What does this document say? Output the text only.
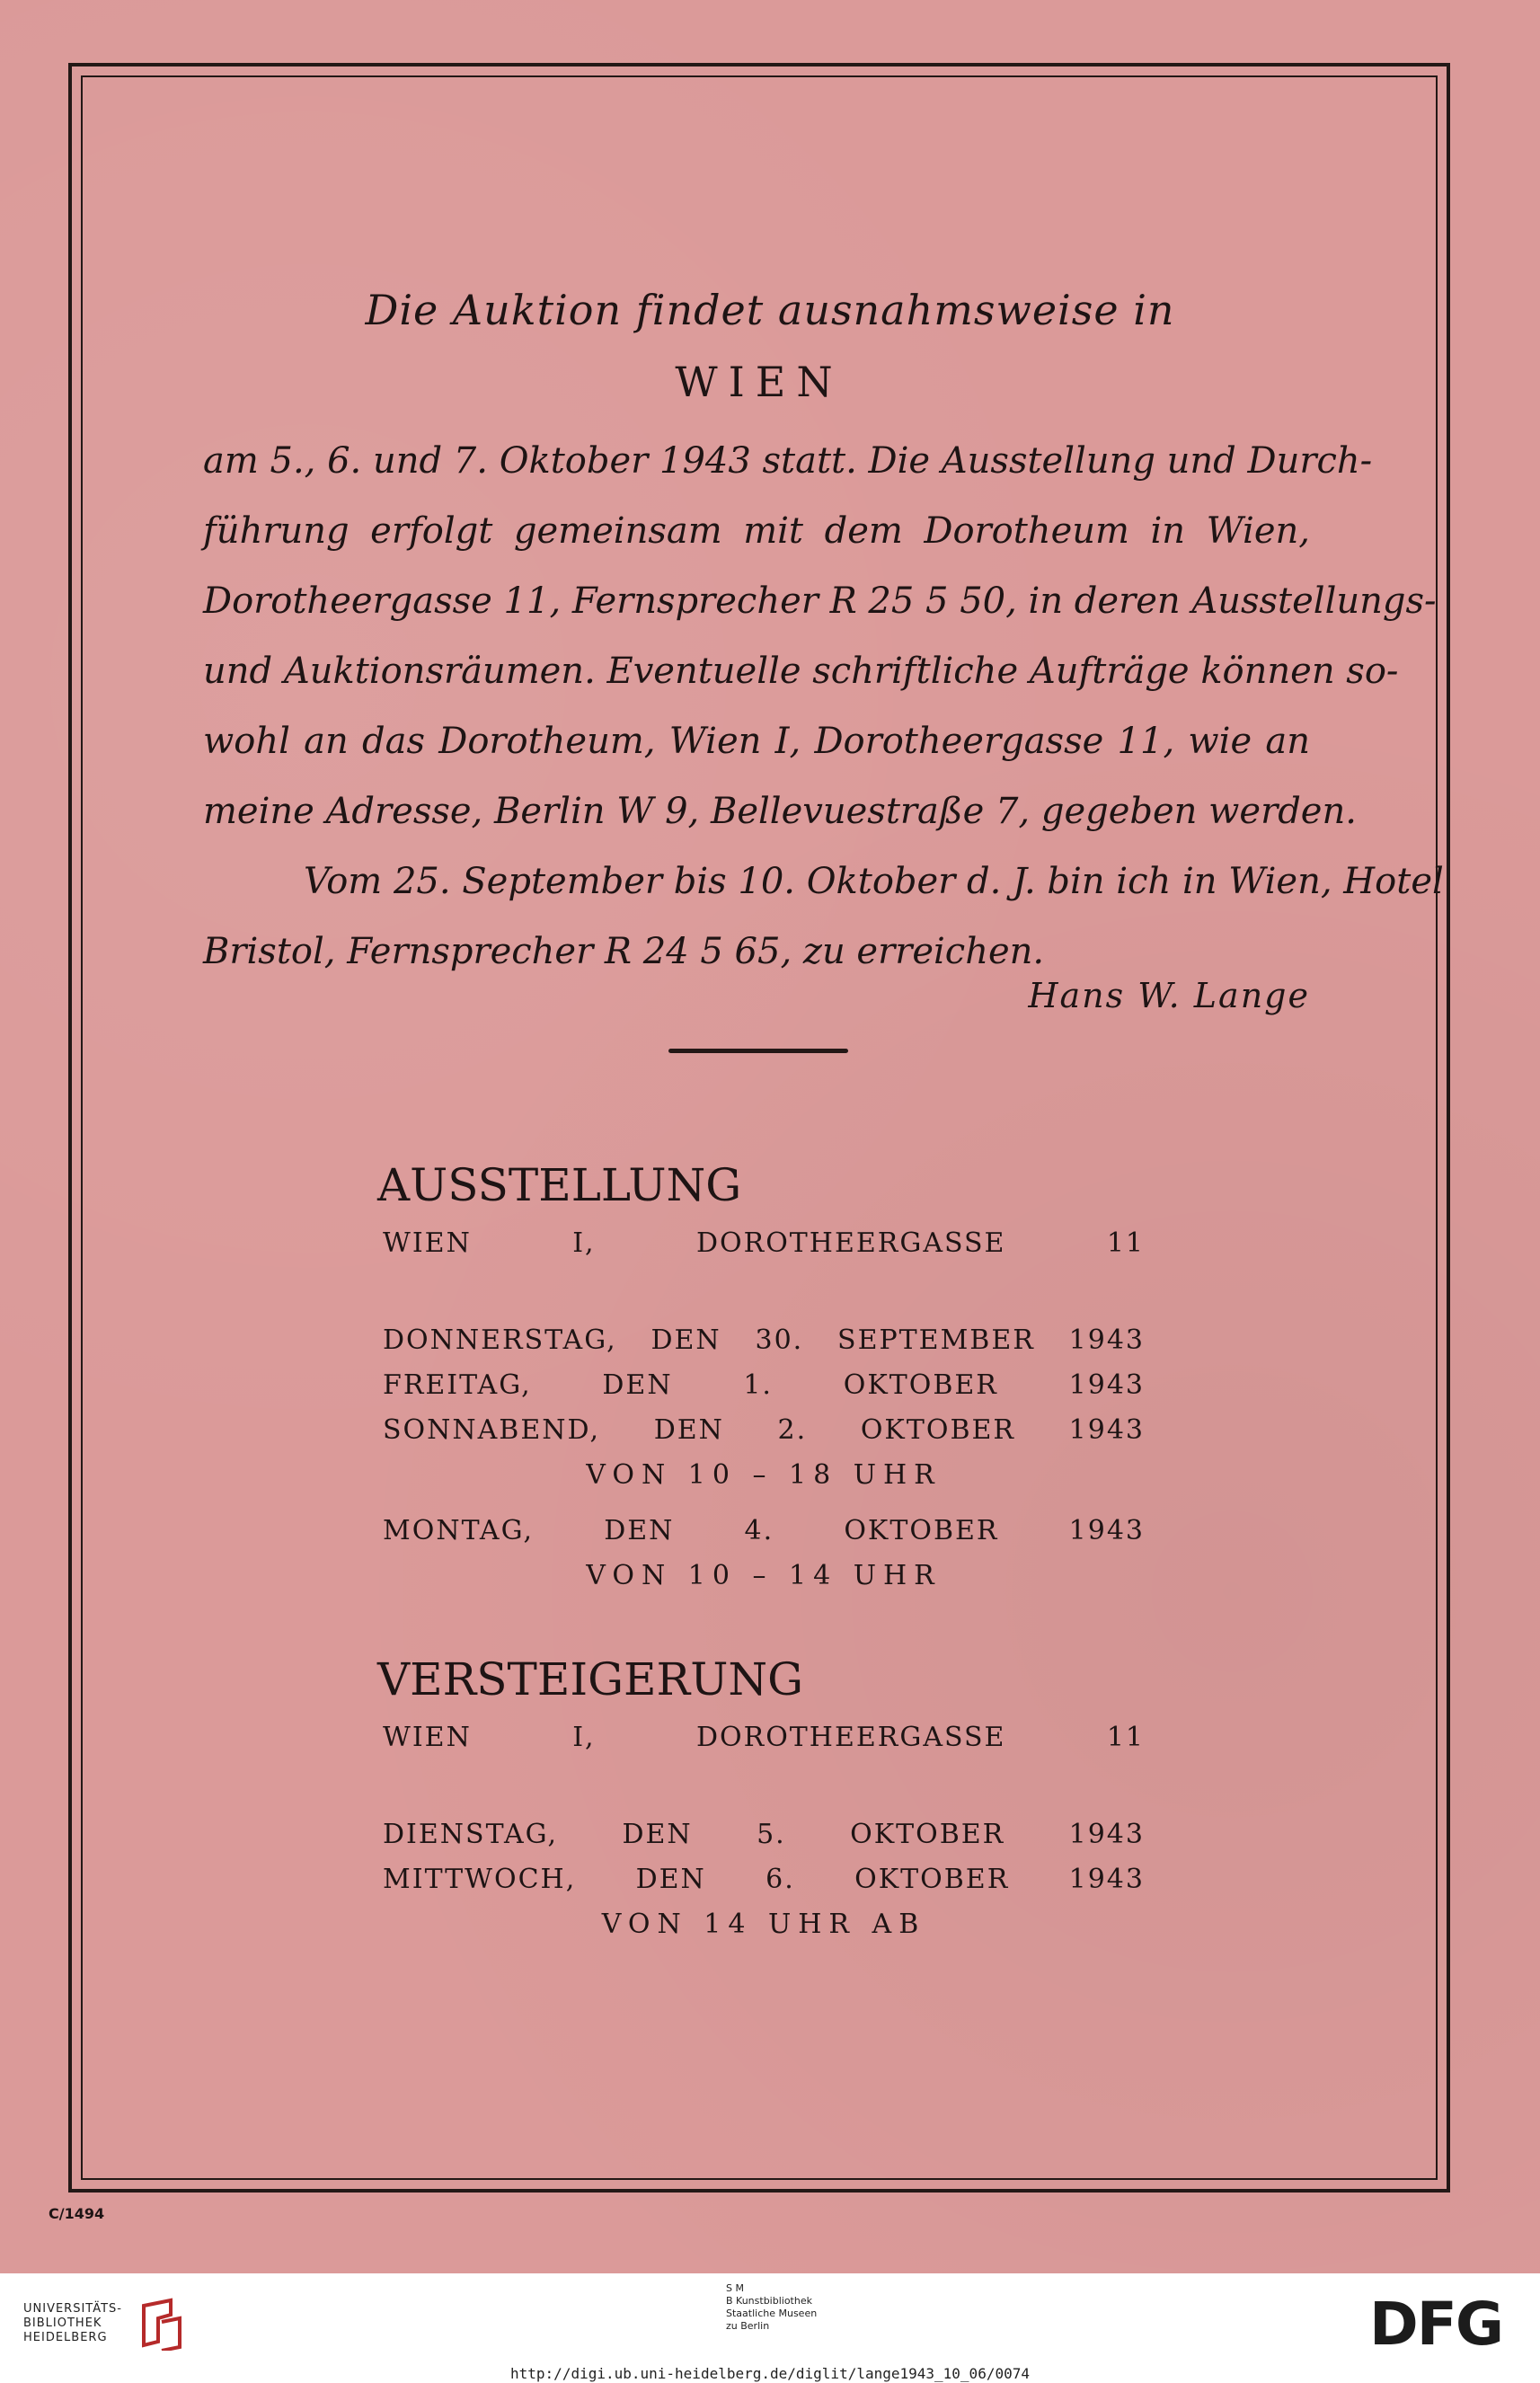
Die Auktion findet ausnahmsweise in
WIEN
am 5., 6. und 7. Oktober 1943 statt. Die Ausstellung und Durch-
führung erfolgt gemeinsam mit dem Dorotheum in Wien,
Dorotheergasse 11, Fernsprecher R 25 5 50, in deren Ausstellungs-
und Auktionsräumen. Eventuelle schriftliche Aufträge können so-
wohl an das Dorotheum, Wien I, Dorotheergasse 11, wie an
meine Adresse, Berlin W 9, Bellevuestraße 7, gegeben werden.
Vom 25. September bis 10. Oktober d. J. bin ich in Wien, Hotel
Bristol, Fernsprecher R 24 5 65, zu erreichen.
Hans W. Lange
AUSSTELLUNG
WIEN I, DOROTHEERGASSE 11
DONNERSTAG, DEN 30. SEPTEMBER 1943
FREITAG, DEN 1. OKTOBER 1943
SONNABEND, DEN 2. OKTOBER 1943
VON 10 – 18 UHR
MONTAG, DEN 4. OKTOBER 1943
VON 10 – 14 UHR
VERSTEIGERUNG
WIEN I, DOROTHEERGASSE 11
DIENSTAG, DEN 5. OKTOBER 1943
MITTWOCH, DEN 6. OKTOBER 1943
VON 14 UHR AB
C/1494
UNIVERSITÄTS-
BIBLIOTHEK
HEIDELBERG
S M
B Kunstbibliothek
Staatliche Museen
zu Berlin	DFG
http://digi.ub.uni-heidelberg.de/diglit/lange1943_10_06/0074
